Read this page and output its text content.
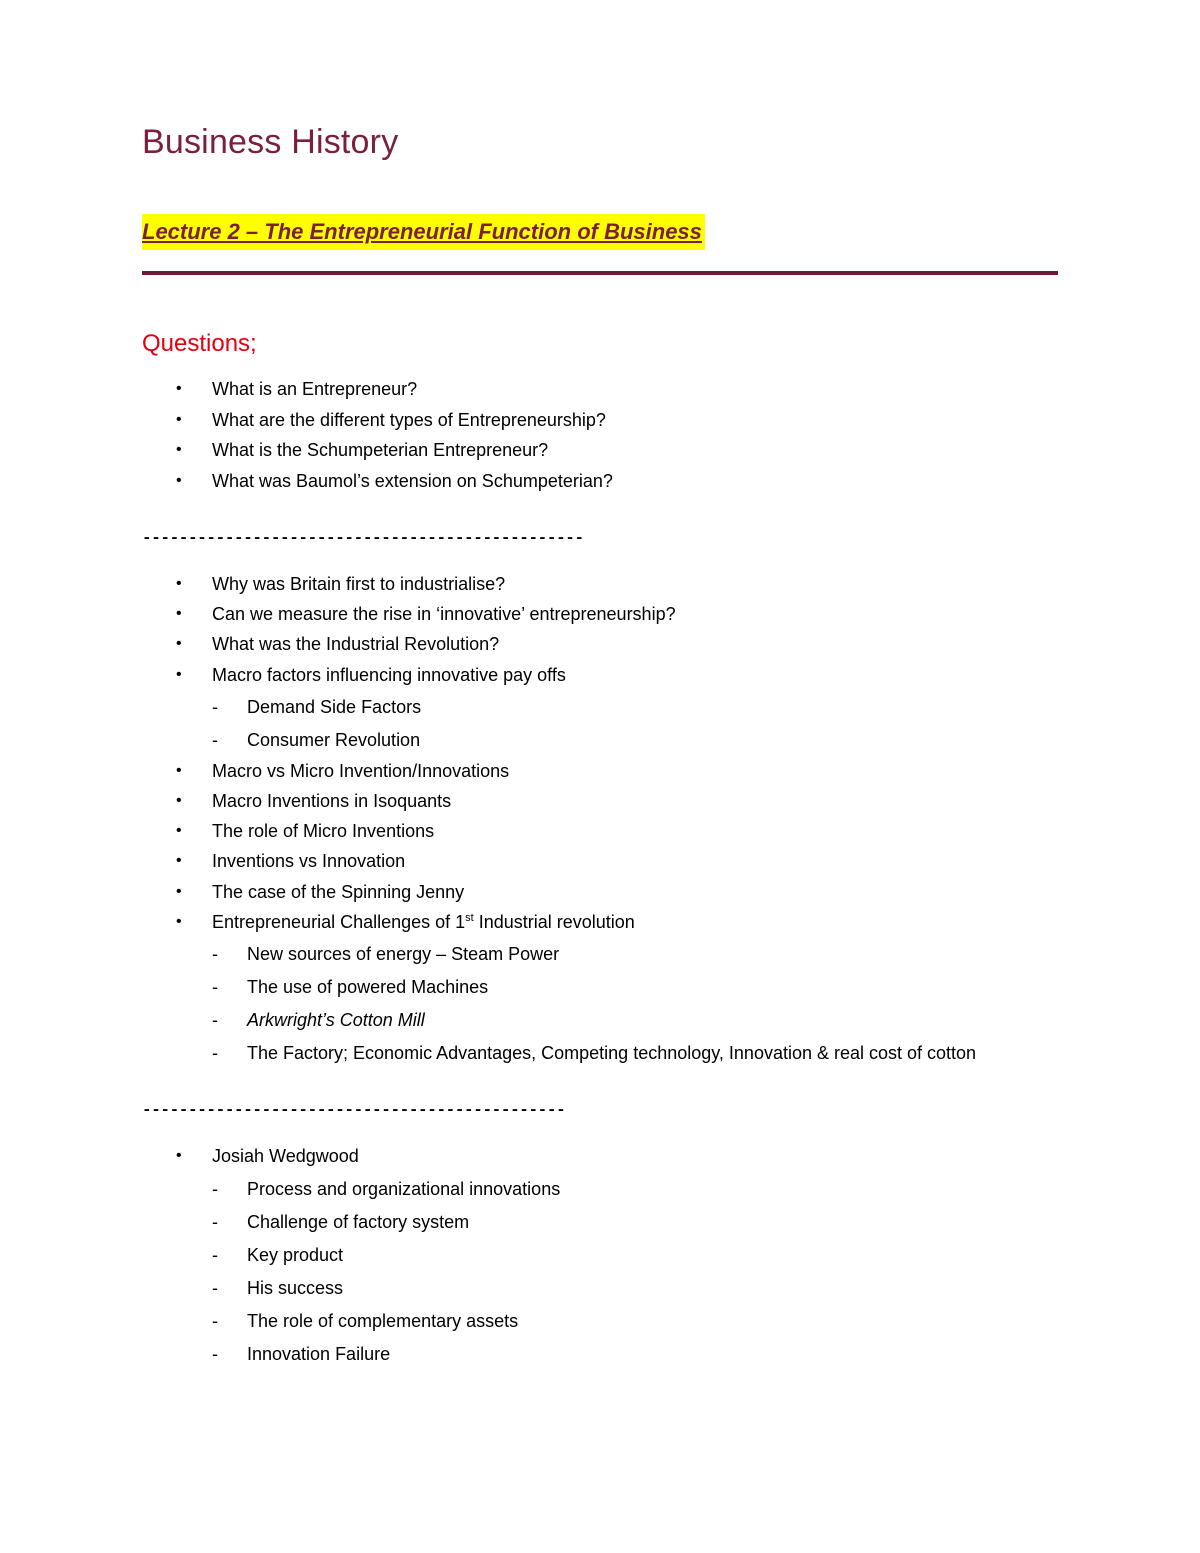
Business History
Lecture 2 – The Entrepreneurial Function of Business
Questions;
•	What is an Entrepreneur?
•	What are the different types of Entrepreneurship?
•	What is the Schumpeterian Entrepreneur?
•	What was Baumol’s extension on Schumpeterian?
------------------------------------------------
•	Why was Britain first to industrialise?
•	Can we measure the rise in ‘innovative’ entrepreneurship?
•	What was the Industrial Revolution?
•	Macro factors influencing innovative pay offs
- Demand Side Factors
- Consumer Revolution
•	Macro vs Micro Invention/Innovations
•	Macro Inventions in Isoquants
•	The role of Micro Inventions
•	Inventions vs Innovation
•	The case of the Spinning Jenny
•	Entrepreneurial Challenges of 1st Industrial revolution
- New sources of energy – Steam Power
- The use of powered Machines
- Arkwright’s Cotton Mill
- The Factory; Economic Advantages, Competing technology, Innovation & real cost of cotton
----------------------------------------------
•	Josiah Wedgwood
- Process and organizational innovations
- Challenge of factory system
- Key product
- His success
- The role of complementary assets
- Innovation Failure
